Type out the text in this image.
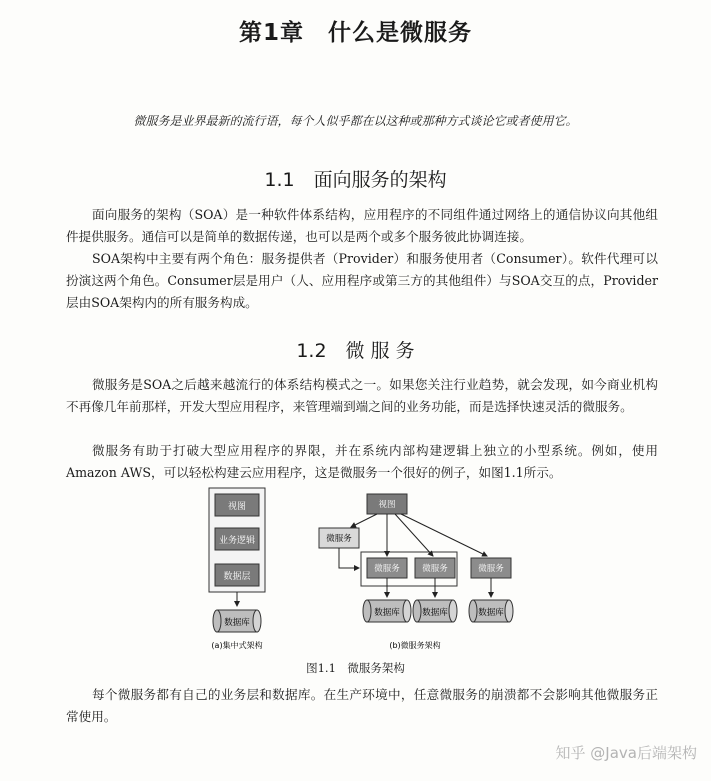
第1章　什么是微服务
微服务是业界最新的流行语，每个人似乎都在以这种或那种方式谈论它或者使用它。
1.1　面向服务的架构

面向服务的架构（SOA）是一种软件体系结构，应用程序的不同组件通过网络上的通信协议向其他组件提供服务。通信可以是简单的数据传递，也可以是两个或多个服务彼此协调连接。

SOA架构中主要有两个角色：服务提供者（Provider）和服务使用者（Consumer）。软件代理可以扮演这两个角色。Consumer层是用户（人、应用程序或第三方的其他组件）与SOA交互的点，Provider层由SOA架构内的所有服务构成。

1.2　微 服 务

微服务是SOA之后越来越流行的体系结构模式之一。如果您关注行业趋势，就会发现，如今商业机构不再像几年前那样，开发大型应用程序，来管理端到端之间的业务功能，而是选择快速灵活的微服务。

微服务有助于打破大型应用程序的界限，并在系统内部构建逻辑上独立的小型系统。例如，使用Amazon AWS，可以轻松构建云应用程序，这是微服务一个很好的例子，如图1.1所示。

视图
业务逻辑
数据层
数据库
(a)集中式架构
视图
微服务
微服务	微服务	微服务
数据库	数据库	数据库
(b)微服务架构
图1.1　微服务架构

每个微服务都有自己的业务层和数据库。在生产环境中，任意微服务的崩溃都不会影响其他微服务正常使用。

知乎 @Java后端架构
